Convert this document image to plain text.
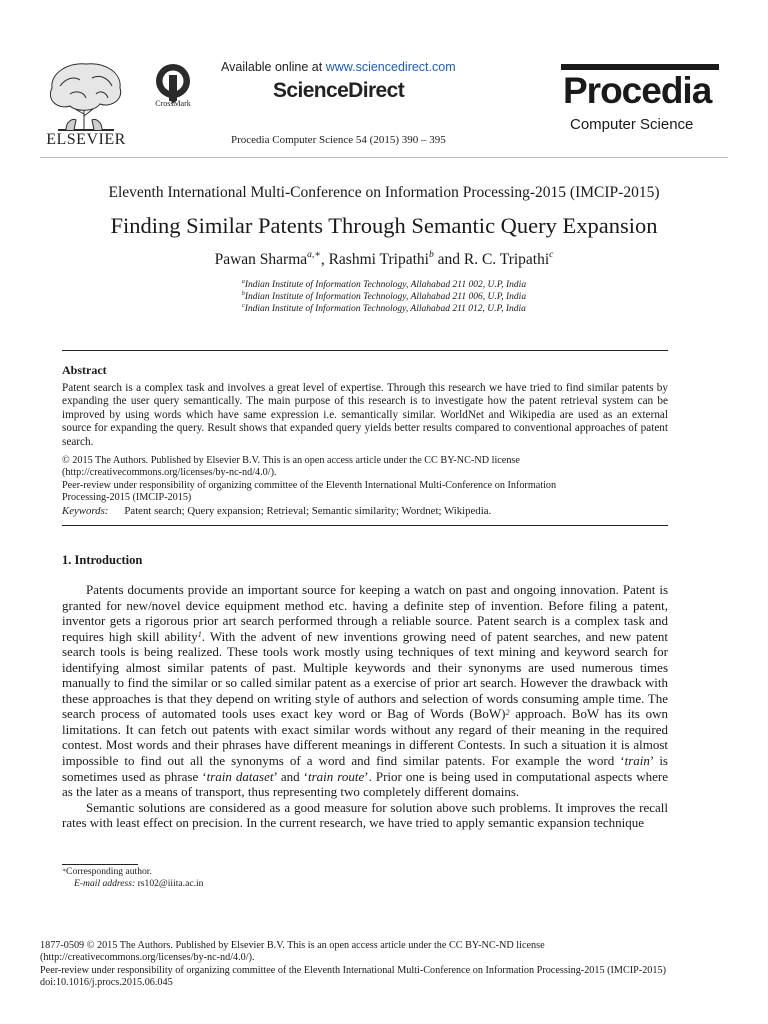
ELSEVIER
CrossMark
Available online at www.sciencedirect.com
ScienceDirect
Procedia Computer Science 54 (2015) 390 – 395
Procedia
Computer Science
Eleventh International Multi-Conference on Information Processing-2015 (IMCIP-2015)
Finding Similar Patents Through Semantic Query Expansion
Pawan Sharma$^{a,∗}$, Rashmi Tripathi$^b$ and R. C. Tripathi$^c$
$^a$Indian Institute of Information Technology, Allahabad 211 002, U.P, India
$^b$Indian Institute of Information Technology, Allahabad 211 006, U.P, India
$^c$Indian Institute of Information Technology, Allahabad 211 012, U.P, India
Abstract
Patent search is a complex task and involves a great level of expertise. Through this research we have tried to find similar patents by expanding the user query semantically. The main purpose of this research is to investigate how the patent retrieval system can be improved by using words which have same expression i.e. semantically similar. WorldNet and Wikipedia are used as an external source for expanding the query. Result shows that expanded query yields better results compared to conventional approaches of patent search.
© 2015 The Authors. Published by Elsevier B.V. This is an open access article under the CC BY-NC-ND license
(http://creativecommons.org/licenses/by-nc-nd/4.0/).
Peer-review under responsibility of organizing committee of the Eleventh International Multi-Conference on Information
Processing-2015 (IMCIP-2015)
Keywords: Patent search; Query expansion; Retrieval; Semantic similarity; Wordnet; Wikipedia.
1. Introduction

Patents documents provide an important source for keeping a watch on past and ongoing innovation. Patent is granted for new/novel device equipment method etc. having a definite step of invention. Before filing a patent, inventor gets a rigorous prior art search performed through a reliable source. Patent search is a complex task and requires high skill ability$^1$. With the advent of new inventions growing need of patent searches, and new patent search tools is being realized. These tools work mostly using techniques of text mining and keyword search for identifying almost similar patents of past. Multiple keywords and their synonyms are used numerous times manually to find the similar or so called similar patent as a exercise of prior art search. However the drawback with these approaches is that they depend on writing style of authors and selection of words consuming ample time. The search process of automated tools uses exact key word or Bag of Words (BoW)$^2$ approach. BoW has its own limitations. It can fetch out patents with exact similar words without any regard of their meaning in the required contest. Most words and their phrases have different meanings in different Contests. In such a situation it is almost impossible to find out all the synonyms of a word and find similar patents. For example the word ‘train’ is sometimes used as phrase ‘train dataset’ and ‘train route’. Prior one is being used in computational aspects where as the later as a means of transport, thus representing two completely different domains.

Semantic solutions are considered as a good measure for solution above such problems. It improves the recall rates with least effect on precision. In the current research, we have tried to apply semantic expansion technique

∗Corresponding author.
E-mail address: rs102@iiita.ac.in
1877-0509 © 2015 The Authors. Published by Elsevier B.V. This is an open access article under the CC BY-NC-ND license
(http://creativecommons.org/licenses/by-nc-nd/4.0/).
Peer-review under responsibility of organizing committee of the Eleventh International Multi-Conference on Information Processing-2015 (IMCIP-2015)
doi:10.1016/j.procs.2015.06.045
